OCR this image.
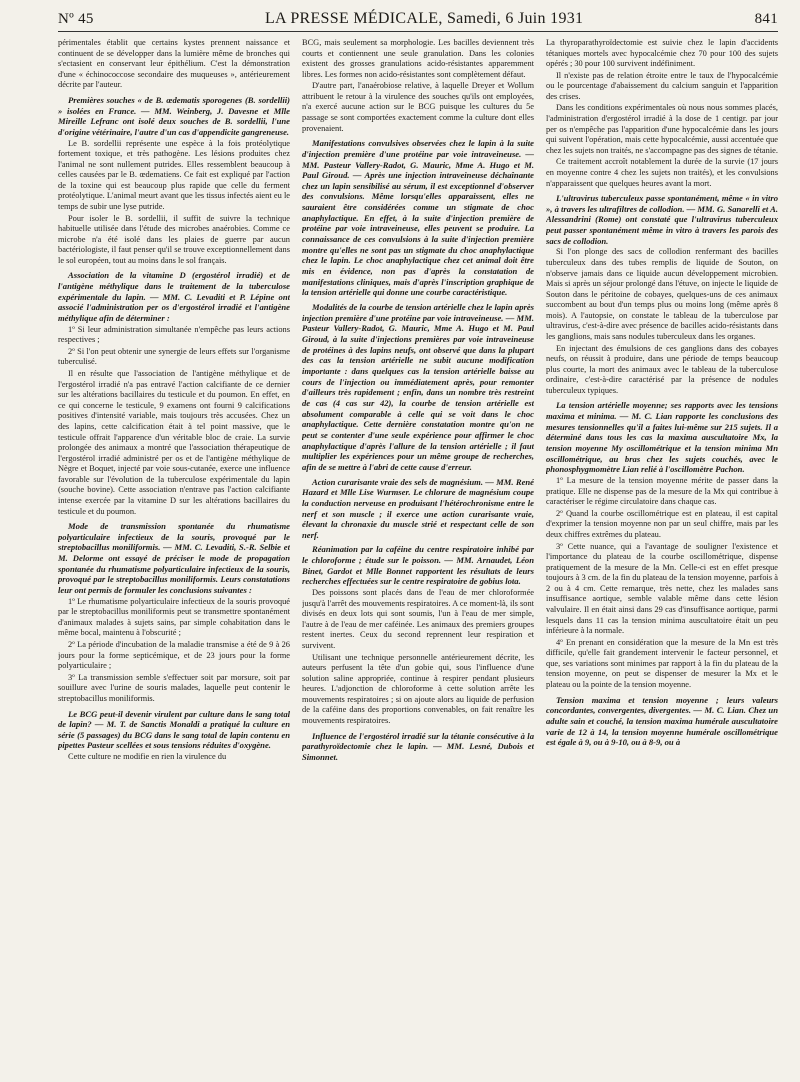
Nº 45	LA PRESSE MÉDICALE, Samedi, 6 Juin 1931	841

périmentales établit que certains kystes prennent naissance et continuent de se développer dans la lumière même de bronches qui s'ectasient en conservant leur épithélium. C'est la démonstration d'une « échinococcose secondaire des muqueuses », antérieurement décrite par l'auteur.

Premières souches « de B. œdematis sporogenes (B. sordellii) » isolées en France. — MM. Weinberg, J. Davesne et Mlle Mireille Lefranc ont isolé deux souches de B. sordellii, l'une d'origine vétérinaire, l'autre d'un cas d'appendicite gangreneuse.

Le B. sordellii représente une espèce à la fois protéolytique fortement toxique, et très pathogène. Les lésions produites chez l'animal ne sont nullement putrides. Elles ressemblent beaucoup à celles causées par le B. œdematiens. Ce fait est expliqué par l'action de la toxine qui est beaucoup plus rapide que celle du ferment protéolytique. L'animal meurt avant que les tissus infectés aient eu le temps de subir une lyse putride.

Pour isoler le B. sordellii, il suffit de suivre la technique habituelle utilisée dans l'étude des microbes anaérobies. Comme ce microbe n'a été isolé dans les plaies de guerre par aucun bactériologiste, il faut penser qu'il se trouve exceptionnellement dans le sol européen, tout au moins dans le sol français.

Association de la vitamine D (ergostérol irradié) et de l'antigène méthylique dans le traitement de la tuberculose expérimentale du lapin. — MM. C. Levaditi et P. Lépine ont associé l'administration per os d'ergostérol irradié et l'antigène méthylique afin de déterminer :

1º Si leur administration simultanée n'empêche pas leurs actions respectives ;

2º Si l'on peut obtenir une synergie de leurs effets sur l'organisme tuberculisé.

Il en résulte que l'association de l'antigène méthylique et de l'ergostérol irradié n'a pas entravé l'action calcifiante de ce dernier sur les altérations bacillaires du testicule et du poumon. En effet, en ce qui concerne le testicule, 9 examens ont fourni 9 calcifications positives d'intensité variable, mais toujours très accusées. Chez un des lapins, cette calcification était à tel point massive, que le testicule offrait l'apparence d'un véritable bloc de craie. La survie prolongée des animaux a montré que l'association thérapeutique de l'ergostérol irradié administré per os et de l'antigène méthylique de Nègre et Boquet, injecté par voie sous-cutanée, exerce une influence favorable sur l'évolution de la tuberculose expérimentale du lapin (souche bovine). Cette association n'entrave pas l'action calcifiante intense exercée par la vitamine D sur les altérations bacillaires du testicule et du poumon.

Mode de transmission spontanée du rhumatisme polyarticulaire infectieux de la souris, provoqué par le streptobacillus moniliformis. — MM. C. Levaditi, S.-R. Selbie et M. Delorme ont essayé de préciser le mode de propagation spontanée du rhumatisme polyarticulaire infectieux de la souris, provoqué par le streptobacillus moniliformis. Leurs constatations leur ont permis de formuler les conclusions suivantes :

1º Le rhumatisme polyarticulaire infectieux de la souris provoqué par le streptobacillus moniliformis peut se transmettre spontanément d'animaux malades à sujets sains, par simple cohabitation dans le même bocal, maintenu à l'obscurité ;

2º La période d'incubation de la maladie transmise a été de 9 à 26 jours pour la forme septicémique, et de 23 jours pour la forme polyarticulaire ;

3º La transmission semble s'effectuer soit par morsure, soit par souillure avec l'urine de souris malades, laquelle peut contenir le streptobacillus moniliformis.

Le BCG peut-il devenir virulent par culture dans le sang total de lapin? — M. T. de Sanctis Monaldi a pratiqué la culture en série (5 passages) du BCG dans le sang total de lapin contenu en pipettes Pasteur scellées et sous tensions réduites d'oxygène.

Cette culture ne modifie en rien la virulence du

BCG, mais seulement sa morphologie. Les bacilles deviennent très courts et contiennent une seule granulation. Dans les colonies existent des grosses granulations acido-résistantes apparemment libres. Les formes non acido-résistantes sont complètement défaut.

D'autre part, l'anaérobiose relative, à laquelle Dreyer et Wollum attribuent le retour à la virulence des souches qu'ils ont employées, n'a exercé aucune action sur le BCG puisque les cultures du 5e passage se sont comportées exactement comme la culture dont elles provenaient.

Manifestations convulsives observées chez le lapin à la suite d'injection première d'une protéine par voie intraveineuse. — MM. Pasteur Vallery-Radot, G. Mauric, Mme A. Hugo et M. Paul Giroud. — Après une injection intraveineuse déchaînante chez un lapin sensibilisé au sérum, il est exceptionnel d'observer des convulsions. Même lorsqu'elles apparaissent, elles ne sauraient être considérées comme un stigmate de choc anaphylactique. En effet, à la suite d'injection première de protéine par voie intraveineuse, elles peuvent se produire. La connaissance de ces convulsions à la suite d'injection première montre qu'elles ne sont pas un stigmate du choc anaphylactique chez le lapin. Le choc anaphylactique chez cet animal doit être mis en évidence, non pas d'après la constatation de manifestations cliniques, mais d'après l'inscription graphique de la tension artérielle qui donne une courbe caractéristique.
Modalités de la courbe de tension artérielle chez le lapin après injection première d'une protéine par voie intraveineuse. — MM. Pasteur Vallery-Radot, G. Mauric, Mme A. Hugo et M. Paul Giroud, à la suite d'injections premières par voie intraveineuse de protéines à des lapins neufs, ont observé que dans la plupart des cas la tension artérielle ne subit aucune modification importante : dans quelques cas la tension artérielle baisse au cours de l'injection ou immédiatement après, pour remonter d'ailleurs très rapidement ; enfin, dans un nombre très restreint de cas (4 cas sur 42), la courbe de tension artérielle est absolument comparable à celle qui se voit dans le choc anaphylactique. Cette dernière constatation montre qu'on ne peut se contenter d'une seule expérience pour affirmer le choc anaphylactique d'après l'allure de la tension artérielle ; il faut multiplier les expériences pour un même groupe de recherches, afin de se mettre à l'abri de cette cause d'erreur.
Action curarisante vraie des sels de magnésium. — MM. René Hazard et Mlle Lise Wurmser. Le chlorure de magnésium coupe la conduction nerveuse en produisant l'hétérochronisme entre le nerf et son muscle ; il exerce une action curarisante vraie, élevant la chronaxie du muscle strié et respectant celle de son nerf.
Réanimation par la caféine du centre respiratoire inhibé par le chloroforme ; étude sur le poisson. — MM. Arnaudet, Léon Binet, Gardot et Mlle Bonnet rapportent les résultats de leurs recherches effectuées sur le centre respiratoire de gobius lota.

Des poissons sont placés dans de l'eau de mer chloroformée jusqu'à l'arrêt des mouvements respiratoires. A ce moment-là, ils sont divisés en deux lots qui sont soumis, l'un à l'eau de mer simple, l'autre à de l'eau de mer caféinée. Les animaux des premiers groupes restent inertes. Ceux du second reprennent leur respiration et survivent.

Utilisant une technique personnelle antérieurement décrite, les auteurs perfusent la tête d'un gobie qui, sous l'influence d'une solution saline appropriée, continue à respirer pendant plusieurs heures. L'adjonction de chloroforme à cette solution arrête les mouvements respiratoires ; si on ajoute alors au liquide de perfusion de la caféine dans des proportions convenables, on fait renaître les mouvements respiratoires.

Influence de l'ergostérol irradié sur la tétanie consécutive à la parathyroïdectomie chez le lapin. — MM. Lesné, Dubois et Simonnet.

La thyroparathyroïdectomie est suivie chez le lapin d'accidents tétaniques mortels avec hypocalcémie chez 70 pour 100 des sujets opérés ; 30 pour 100 survivent indéfiniment.

Il n'existe pas de relation étroite entre le taux de l'hypocalcémie ou le pourcentage d'abaissement du calcium sanguin et l'apparition des crises.

Dans les conditions expérimentales où nous nous sommes placés, l'administration d'ergostérol irradié à la dose de 1 centigr. par jour per os n'empêche pas l'apparition d'une hypocalcémie dans les jours qui suivent l'opération, mais cette hypocalcémie, aussi accentuée que chez les sujets non traités, ne s'accompagne pas des signes de tétanie.

Ce traitement accroît notablement la durée de la survie (17 jours en moyenne contre 4 chez les sujets non traités), et les convulsions n'apparaissent que quelques heures avant la mort.

L'ultravirus tuberculeux passe spontanément, même « in vitro », à travers les ultrafiltres de collodion. — MM. G. Sanarelli et A. Alessandrini (Rome) ont constaté que l'ultravirus tuberculeux peut passer spontanément même in vitro à travers les parois des sacs de collodion.

Si l'on plonge des sacs de collodion renfermant des bacilles tuberculeux dans des tubes remplis de liquide de Souton, on n'observe jamais dans ce liquide aucun développement microbien. Mais si après un séjour prolongé dans l'étuve, on injecte le liquide de Souton dans le péritoine de cobayes, quelques-uns de ces animaux succombent au bout d'un temps plus ou moins long (même après 8 mois). A l'autopsie, on constate le tableau de la tuberculose par ultravirus, c'est-à-dire avec présence de bacilles acido-résistants dans les ganglions, mais sans nodules tuberculeux dans les organes.

En injectant des émulsions de ces ganglions dans des cobayes neufs, on réussit à produire, dans une période de temps beaucoup plus courte, la mort des animaux avec le tableau de la tuberculose ordinaire, c'est-à-dire caractérisé par la présence de nodules tuberculeux typiques.

La tension artérielle moyenne; ses rapports avec les tensions maxima et minima. — M. C. Lian rapporte les conclusions des mesures tensionnelles qu'il a faites lui-même sur 215 sujets. Il a déterminé dans tous les cas la maxima auscultatoire Mx, la tension moyenne My oscillométrique et la tension minima Mn oscillométrique, au bras chez les sujets couchés, avec le phonosphygmomètre Lian relié à l'oscillomètre Pachon.

1º La mesure de la tension moyenne mérite de passer dans la pratique. Elle ne dispense pas de la mesure de la Mx qui contribue à caractériser le régime circulatoire dans chaque cas.

2º Quand la courbe oscillométrique est en plateau, il est capital d'exprimer la tension moyenne non par un seul chiffre, mais par les deux chiffres extrêmes du plateau.

3º Cette nuance, qui a l'avantage de souligner l'existence et l'importance du plateau de la courbe oscillométrique, dispense pratiquement de la mesure de la Mn. Celle-ci est en effet presque toujours à 3 cm. de la fin du plateau de la tension moyenne, parfois à 2 ou à 4 cm. Cette remarque, très nette, chez les malades sans insuffisance aortique, semble valable même dans cette lésion valvulaire. Il en était ainsi dans 29 cas d'insuffisance aortique, parmi lesquels dans 11 cas la tension minima auscultatoire était un peu inférieure à la normale.

4º En prenant en considération que la mesure de la Mn est très difficile, qu'elle fait grandement intervenir le facteur personnel, et que, ses variations sont minimes par rapport à la fin du plateau de la tension moyenne, on peut se dispenser de mesurer la Mx et le plateau ou la pointe de la tension moyenne.

Tension maxima et tension moyenne ; leurs valeurs concordantes, convergentes, divergentes. — M. C. Lian. Chez un adulte sain et couché, la tension maxima humérale auscultatoire varie de 12 à 14, la tension moyenne humérale oscillométrique est égale à 9, ou à 9-10, ou à 8-9, ou à
